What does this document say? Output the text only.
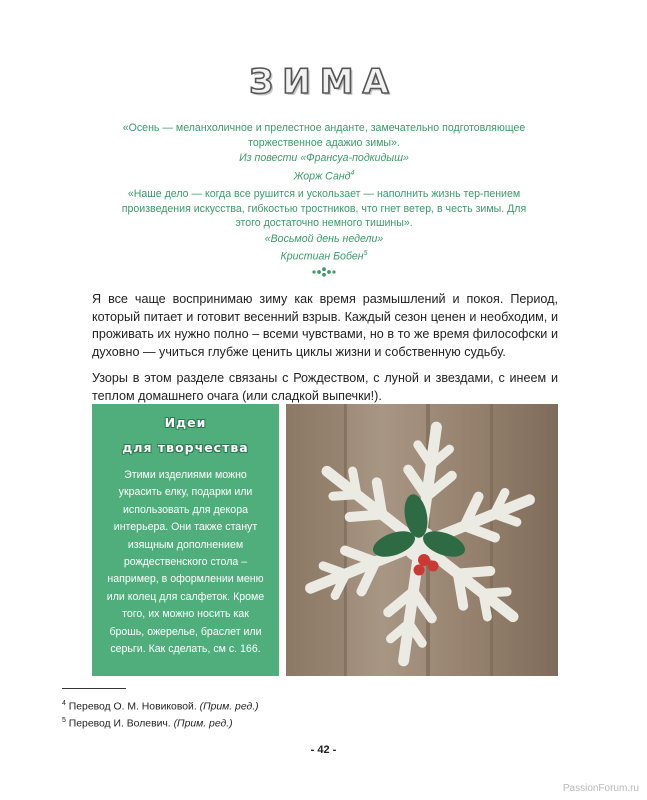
ЗИМА
«Осень — меланхоличное и прелестное анданте, замечательно подготовляющее торжественное адажио зимы».
Из повести «Франсуа-подкидыш»
Жорж Санд$^4$
«Наше дело — когда все рушится и ускользает — наполнить жизнь тер-пением произведения искусства, гибкостью тростников, что гнет ветер, в честь зимы. Для этого достаточно немного тишины».
«Восьмой день недели»
Кристиан Бобен$^5$

Я все чаще воспринимаю зиму как время размышлений и покоя. Период, который питает и готовит весенний взрыв. Каждый сезон ценен и необходим, и проживать их нужно полно – всеми чувствами, но в то же время философски и духовно — учиться глубже ценить циклы жизни и собственную судьбу.

Узоры в этом разделе связаны с Рождеством, с луной и звездами, с инеем и теплом домашнего очага (или сладкой выпечки!).

Идеи
для творчества
Этими изделиями можно украсить елку, подарки или использовать для декора интерьера. Они также станут изящным дополнением рождественского стола – например, в оформлении меню или колец для салфеток. Кроме того, их можно носить как брошь, ожерелье, браслет или серьги. Как сделать, см с. 166.
$^4$ Перевод О. М. Новиковой. (Прим. ред.)
$^5$ Перевод И. Волевич. (Прим. ред.)
- 42 -
PassionForum.ru
